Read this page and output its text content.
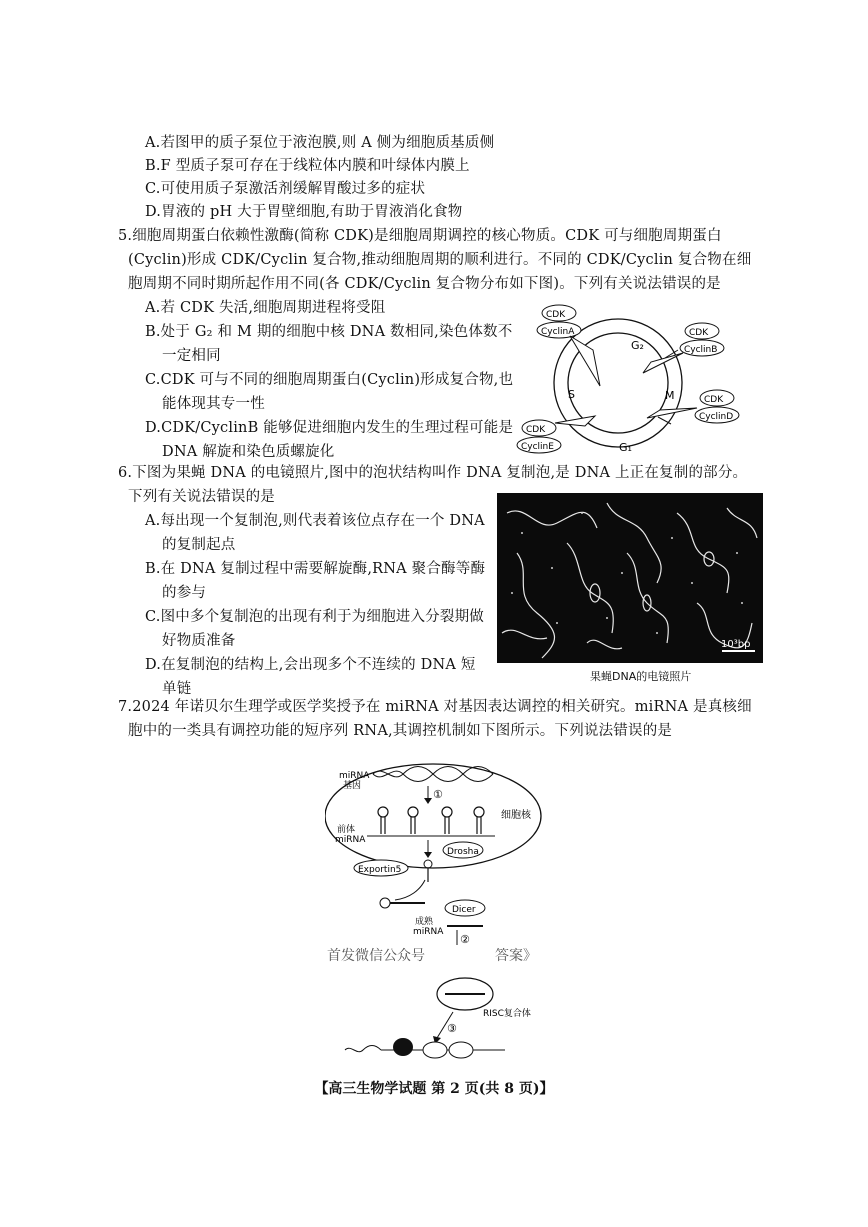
A.若图甲的质子泵位于液泡膜,则 A 侧为细胞质基质侧
B.F 型质子泵可存在于线粒体内膜和叶绿体内膜上
C.可使用质子泵激活剂缓解胃酸过多的症状
D.胃液的 pH 大于胃壁细胞,有助于胃液消化食物
5.细胞周期蛋白依赖性激酶(简称 CDK)是细胞周期调控的核心物质。CDK 可与细胞周期蛋白
(Cyclin)形成 CDK/Cyclin 复合物,推动细胞周期的顺利进行。不同的 CDK/Cyclin 复合物在细
胞周期不同时期所起作用不同(各 CDK/Cyclin 复合物分布如下图)。下列有关说法错误的是
A.若 CDK 失活,细胞周期进程将受阻
B.处于 G₂ 和 M 期的细胞中核 DNA 数相同,染色体数不
一定相同
C.CDK 可与不同的细胞周期蛋白(Cyclin)形成复合物,也
能体现其专一性
D.CDK/CyclinB 能够促进细胞内发生的生理过程可能是
DNA 解旋和染色质螺旋化
G₂
M
G₁
S
CDK
CyclinA	CDK
CyclinB
CDK
CyclinD
CDK
CyclinE
6.下图为果蝇 DNA 的电镜照片,图中的泡状结构叫作 DNA 复制泡,是 DNA 上正在复制的部分。
下列有关说法错误的是
A.每出现一个复制泡,则代表着该位点存在一个 DNA
的复制起点
B.在 DNA 复制过程中需要解旋酶,RNA 聚合酶等酶
的参与
C.图中多个复制泡的出现有利于为细胞进入分裂期做
好物质准备
D.在复制泡的结构上,会出现多个不连续的 DNA 短
单链
10³bp
果蝇DNA的电镜照片
7.2024 年诺贝尔生理学或医学奖授予在 miRNA 对基因表达调控的相关研究。miRNA 是真核细
胞中的一类具有调控功能的短序列 RNA,其调控机制如下图所示。下列说法错误的是
miRNA
基因
①
前体
miRNA
细胞核
Drosha
Exportin5
Dicer
成熟
miRNA
②
RISC复合体
③
首发微信公众号	答案》
【高三生物学试题 第 2 页(共 8 页)】
